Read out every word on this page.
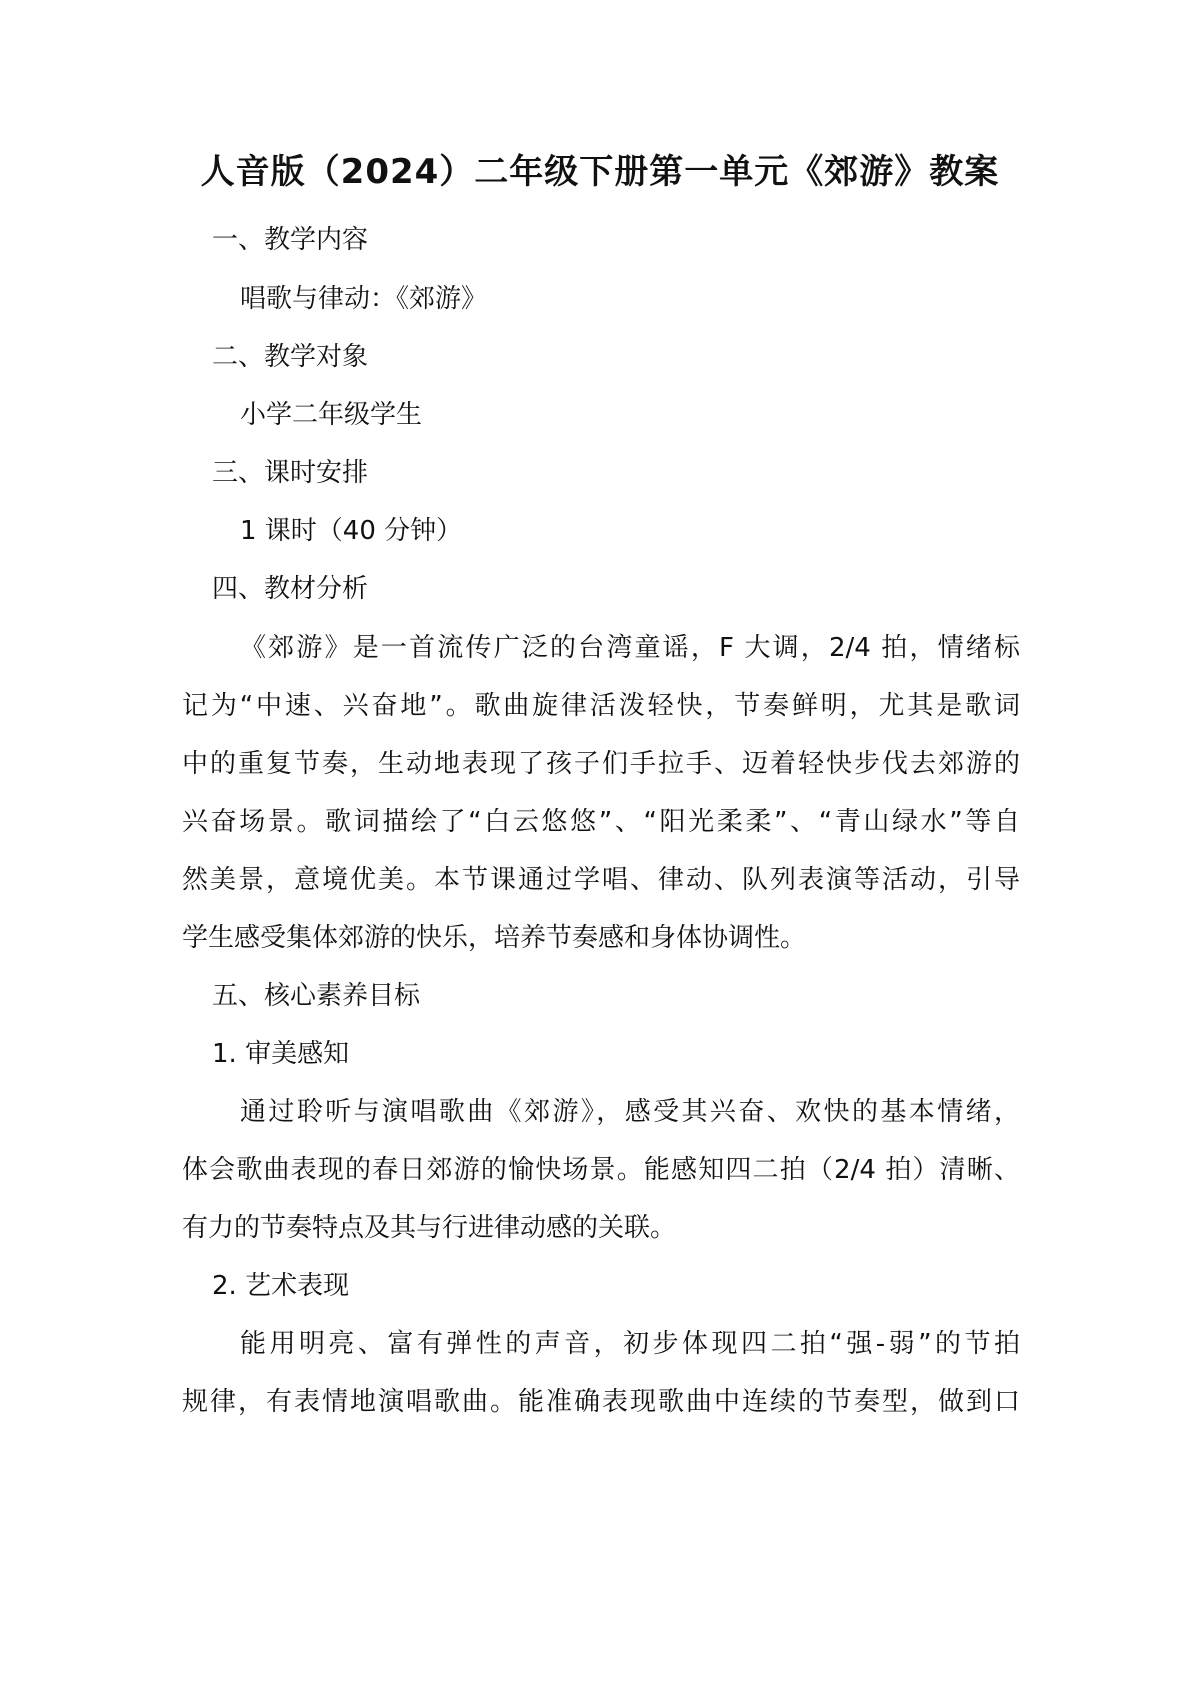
人音版（2024）二年级下册第一单元《郊游》教案
一、教学内容
唱歌与律动：《郊游》
二、教学对象
小学二年级学生
三、课时安排
1 课时（40 分钟）
四、教材分析
《郊游》是一首流传广泛的台湾童谣，F 大调，2/4 拍，情绪标
记为“中速、兴奋地”。歌曲旋律活泼轻快，节奏鲜明，尤其是歌词
中的重复节奏，生动地表现了孩子们手拉手、迈着轻快步伐去郊游的
兴奋场景。歌词描绘了“白云悠悠”、“阳光柔柔”、“青山绿水”等自
然美景，意境优美。本节课通过学唱、律动、队列表演等活动，引导
学生感受集体郊游的快乐，培养节奏感和身体协调性。
五、核心素养目标
1. 审美感知
通过聆听与演唱歌曲《郊游》，感受其兴奋、欢快的基本情绪，
体会歌曲表现的春日郊游的愉快场景。能感知四二拍（2/4 拍）清晰、
有力的节奏特点及其与行进律动感的关联。
2. 艺术表现
能用明亮、富有弹性的声音，初步体现四二拍“强-弱”的节拍
规律，有表情地演唱歌曲。能准确表现歌曲中连续的节奏型，做到口
